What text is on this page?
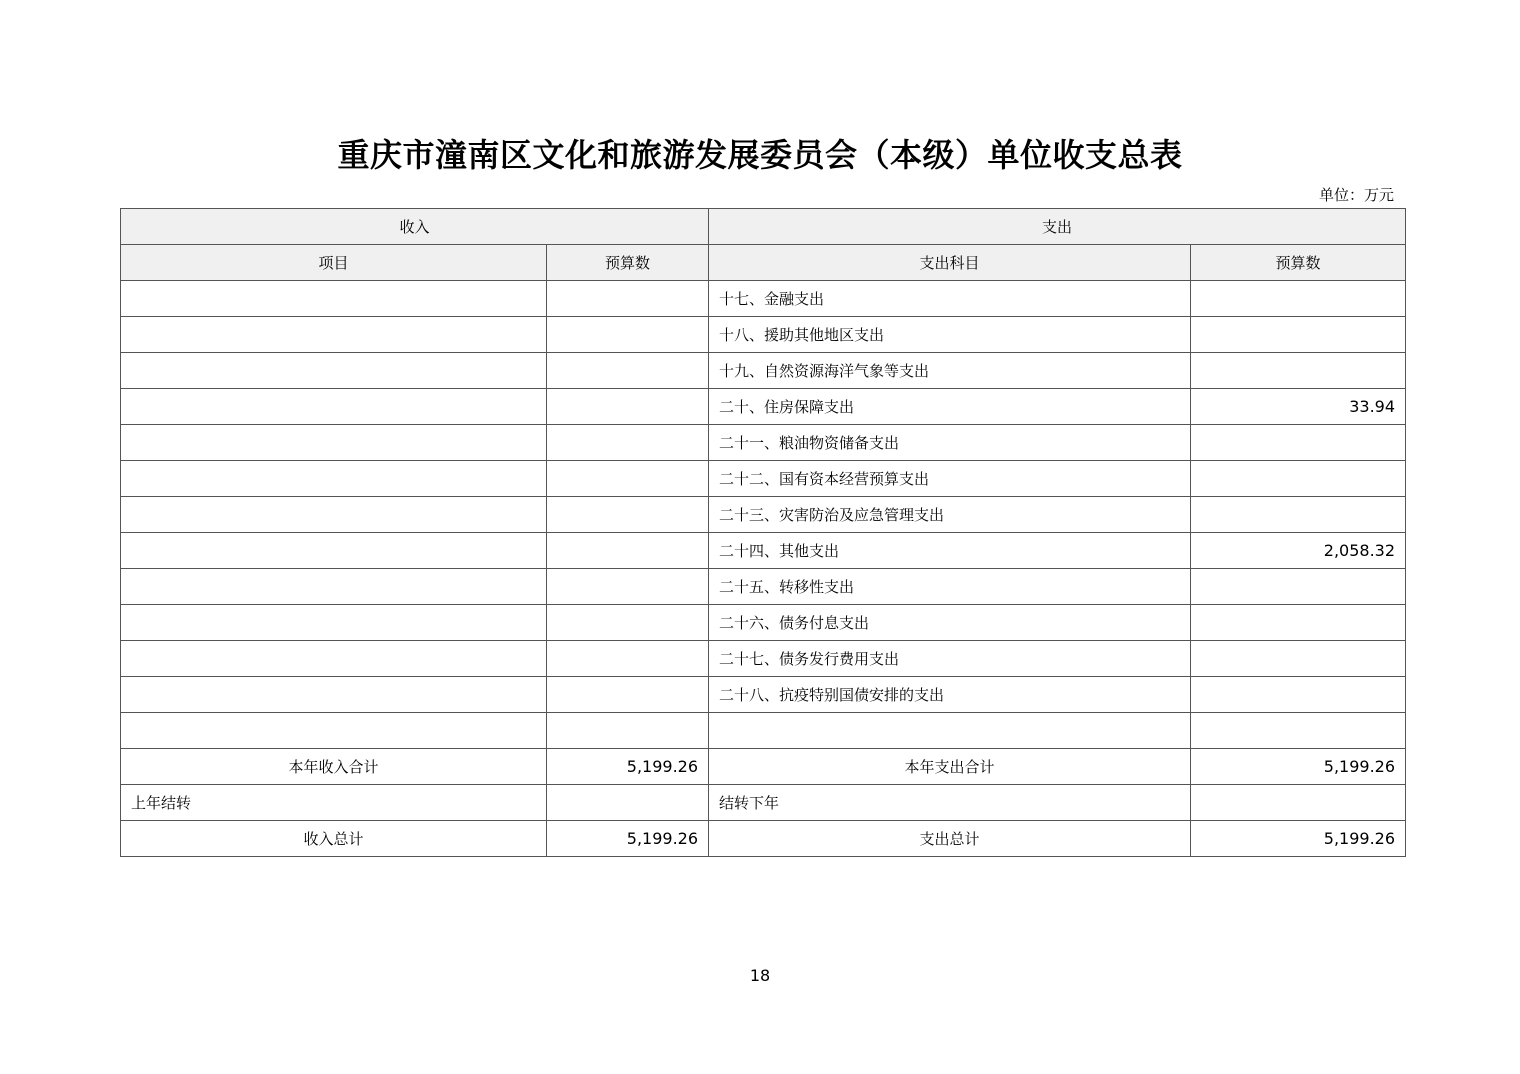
重庆市潼南区文化和旅游发展委员会（本级）单位收支总表
单位：万元
收入		支出	
项目	预算数	支出科目	预算数
		十七、金融支出	
		十八、援助其他地区支出	
		十九、自然资源海洋气象等支出	
		二十、住房保障支出	33.94
		二十一、粮油物资储备支出	
		二十二、国有资本经营预算支出	
		二十三、灾害防治及应急管理支出	
		二十四、其他支出	2,058.32
		二十五、转移性支出	
		二十六、债务付息支出	
		二十七、债务发行费用支出	
		二十八、抗疫特别国债安排的支出	

本年收入合计	5,199.26	本年支出合计	5,199.26
上年结转		结转下年	
收入总计	5,199.26	支出总计	5,199.26
18
